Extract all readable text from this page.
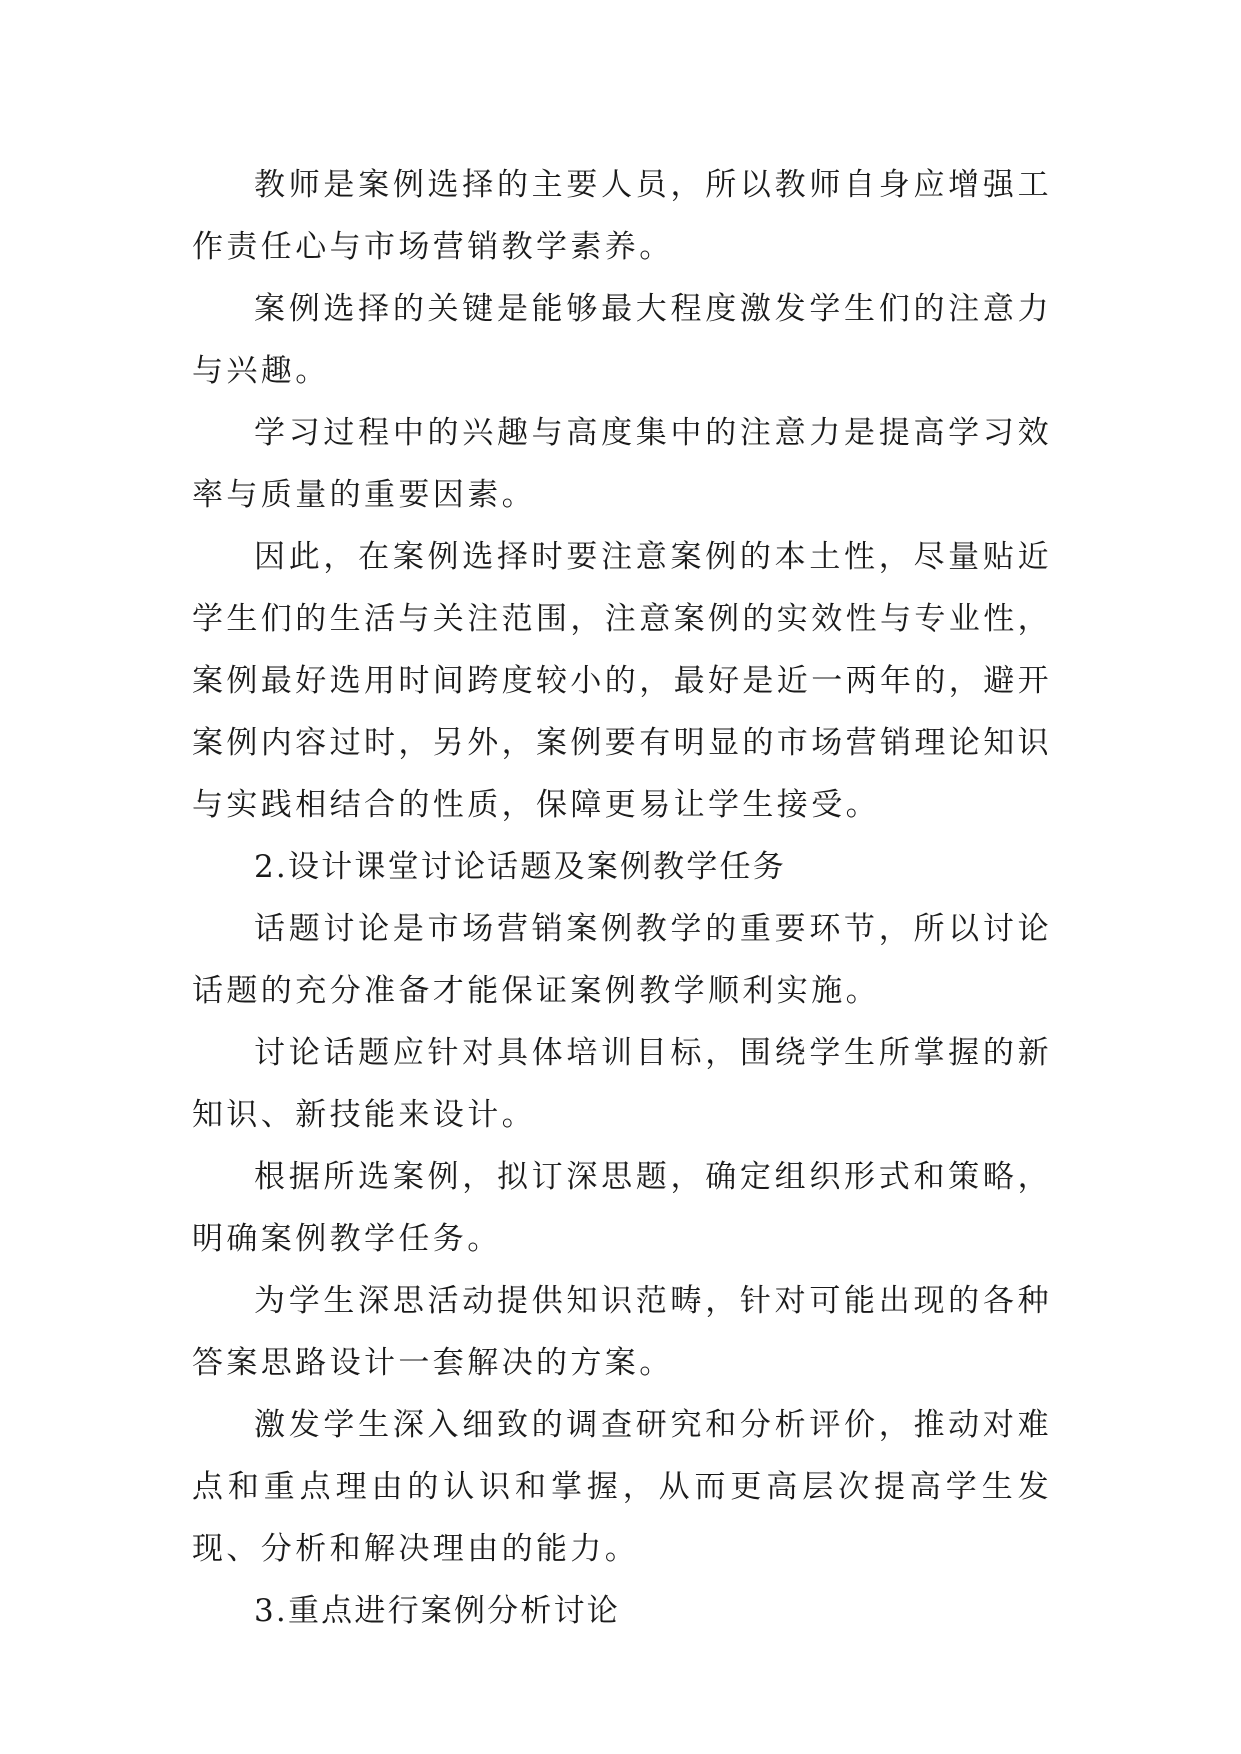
教师是案例选择的主要人员，所以教师自身应增强工作责任心与市场营销教学素养。

案例选择的关键是能够最大程度激发学生们的注意力与兴趣。

学习过程中的兴趣与高度集中的注意力是提高学习效率与质量的重要因素。

因此，在案例选择时要注意案例的本土性，尽量贴近学生们的生活与关注范围，注意案例的实效性与专业性，案例最好选用时间跨度较小的，最好是近一两年的，避开案例内容过时，另外，案例要有明显的市场营销理论知识与实践相结合的性质，保障更易让学生接受。

2.设计课堂讨论话题及案例教学任务

话题讨论是市场营销案例教学的重要环节，所以讨论话题的充分准备才能保证案例教学顺利实施。

讨论话题应针对具体培训目标，围绕学生所掌握的新知识、新技能来设计。

根据所选案例，拟订深思题，确定组织形式和策略，明确案例教学任务。

为学生深思活动提供知识范畴，针对可能出现的各种答案思路设计一套解决的方案。

激发学生深入细致的调查研究和分析评价，推动对难点和重点理由的认识和掌握，从而更高层次提高学生发现、分析和解决理由的能力。

3.重点进行案例分析讨论
